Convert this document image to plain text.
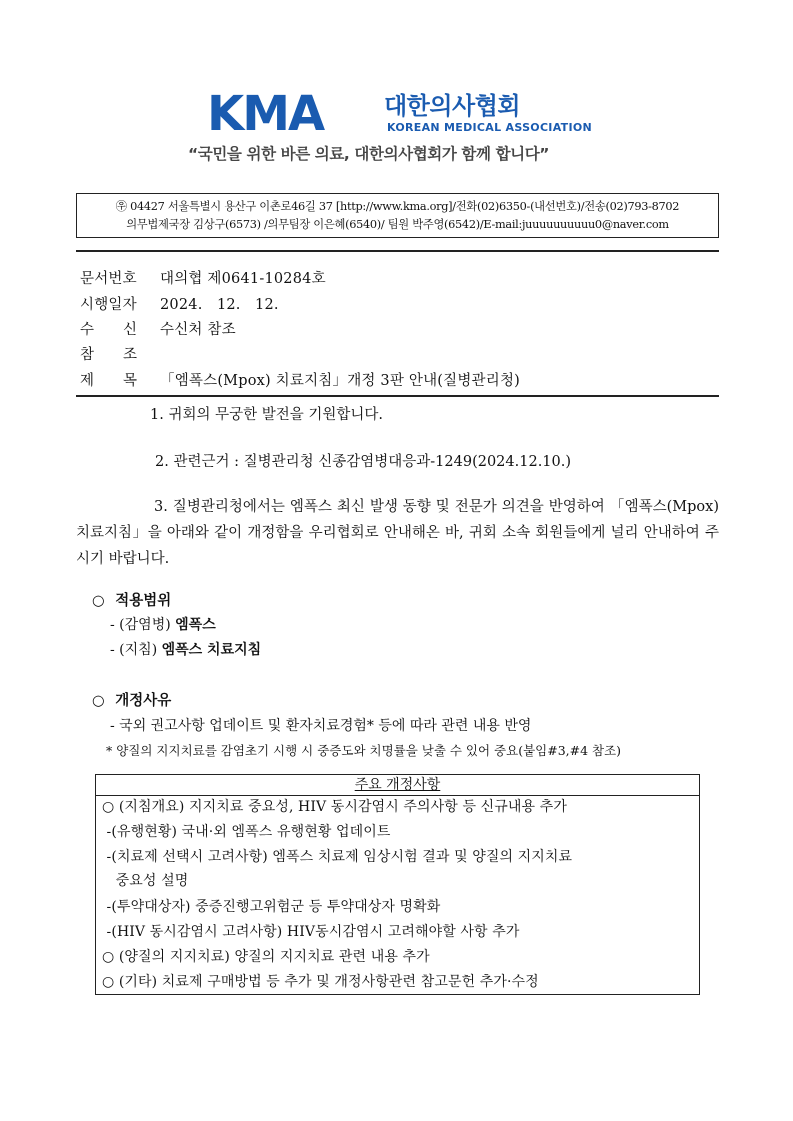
KMA	대한의사협회
KOREAN MEDICAL ASSOCIATION
“국민을 위한 바른 의료, 대한의사협회가 함께 합니다”
㉾ 04427 서울특별시 용산구 이촌로46길 37 [http://www.kma.org]/전화(02)6350-(내선번호)/전송(02)793-8702
의무법제국장 김상구(6573) /의무팀장 이은혜(6540)/ 팀원 박주영(6542)/E-mail:juuuuuuuuuu0@naver.com
문서번호 대의협 제0641-10284호
시행일자 2024.   12.   12.
수      신 수신처 참조
참      조
제      목 「엠폭스(Mpox) 치료지침」개정 3판 안내(질병관리청)
1. 귀회의 무궁한 발전을 기원합니다.
2. 관련근거 : 질병관리청 신종감염병대응과-1249(2024.12.10.)
3. 질병관리청에서는 엠폭스 최신 발생 동향 및 전문가 의견을 반영하여 「엠폭스(Mpox) 치료지침」을 아래와 같이 개정함을 우리협회로 안내해온 바, 귀회 소속 회원들에게 널리 안내하여 주시기 바랍니다.
○ 적용범위
- (감염병) 엠폭스
- (지침) 엠폭스 치료지침
○ 개정사유
- 국외 권고사항 업데이트 및 환자치료경험* 등에 따라 관련 내용 반영
* 양질의 지지치료를 감염초기 시행 시 중증도와 치명률을 낮출 수 있어 중요(붙임#3,#4 참조)
주요 개정사항
○ (지침개요) 지지치료 중요성, HIV 동시감염시 주의사항 등 신규내용 추가
-(유행현황) 국내·외 엠폭스 유행현황 업데이트
-(치료제 선택시 고려사항) 엠폭스 치료제 임상시험 결과 및 양질의 지지치료
중요성 설명
-(투약대상자) 중증진행고위험군 등 투약대상자 명확화
-(HIV 동시감염시 고려사항) HIV동시감염시 고려해야할 사항 추가
○ (양질의 지지치료) 양질의 지지치료 관련 내용 추가
○ (기타) 치료제 구매방법 등 추가 및 개정사항관련 참고문헌 추가·수정
